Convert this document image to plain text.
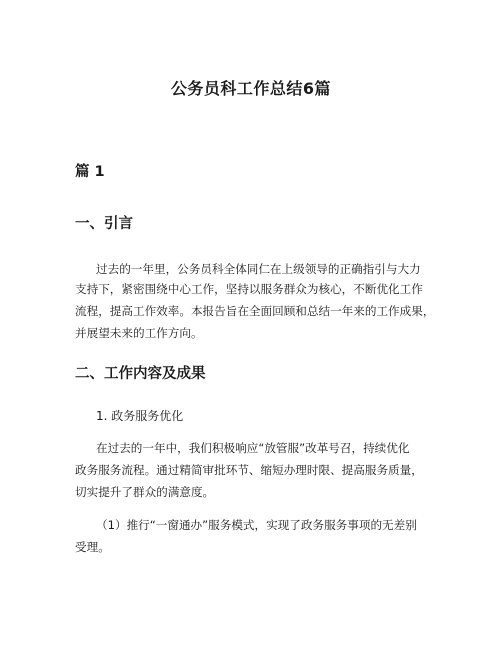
公务员科工作总结6篇
篇 1
一、引言
过去的一年里，公务员科全体同仁在上级领导的正确指引与大力
支持下，紧密围绕中心工作，坚持以服务群众为核心，不断优化工作
流程，提高工作效率。本报告旨在全面回顾和总结一年来的工作成果，
并展望未来的工作方向。
二、工作内容及成果
1. 政务服务优化
在过去的一年中，我们积极响应“放管服”改革号召，持续优化
政务服务流程。通过精简审批环节、缩短办理时限、提高服务质量，
切实提升了群众的满意度。
（1）推行“一窗通办”服务模式，实现了政务服务事项的无差别
受理。
